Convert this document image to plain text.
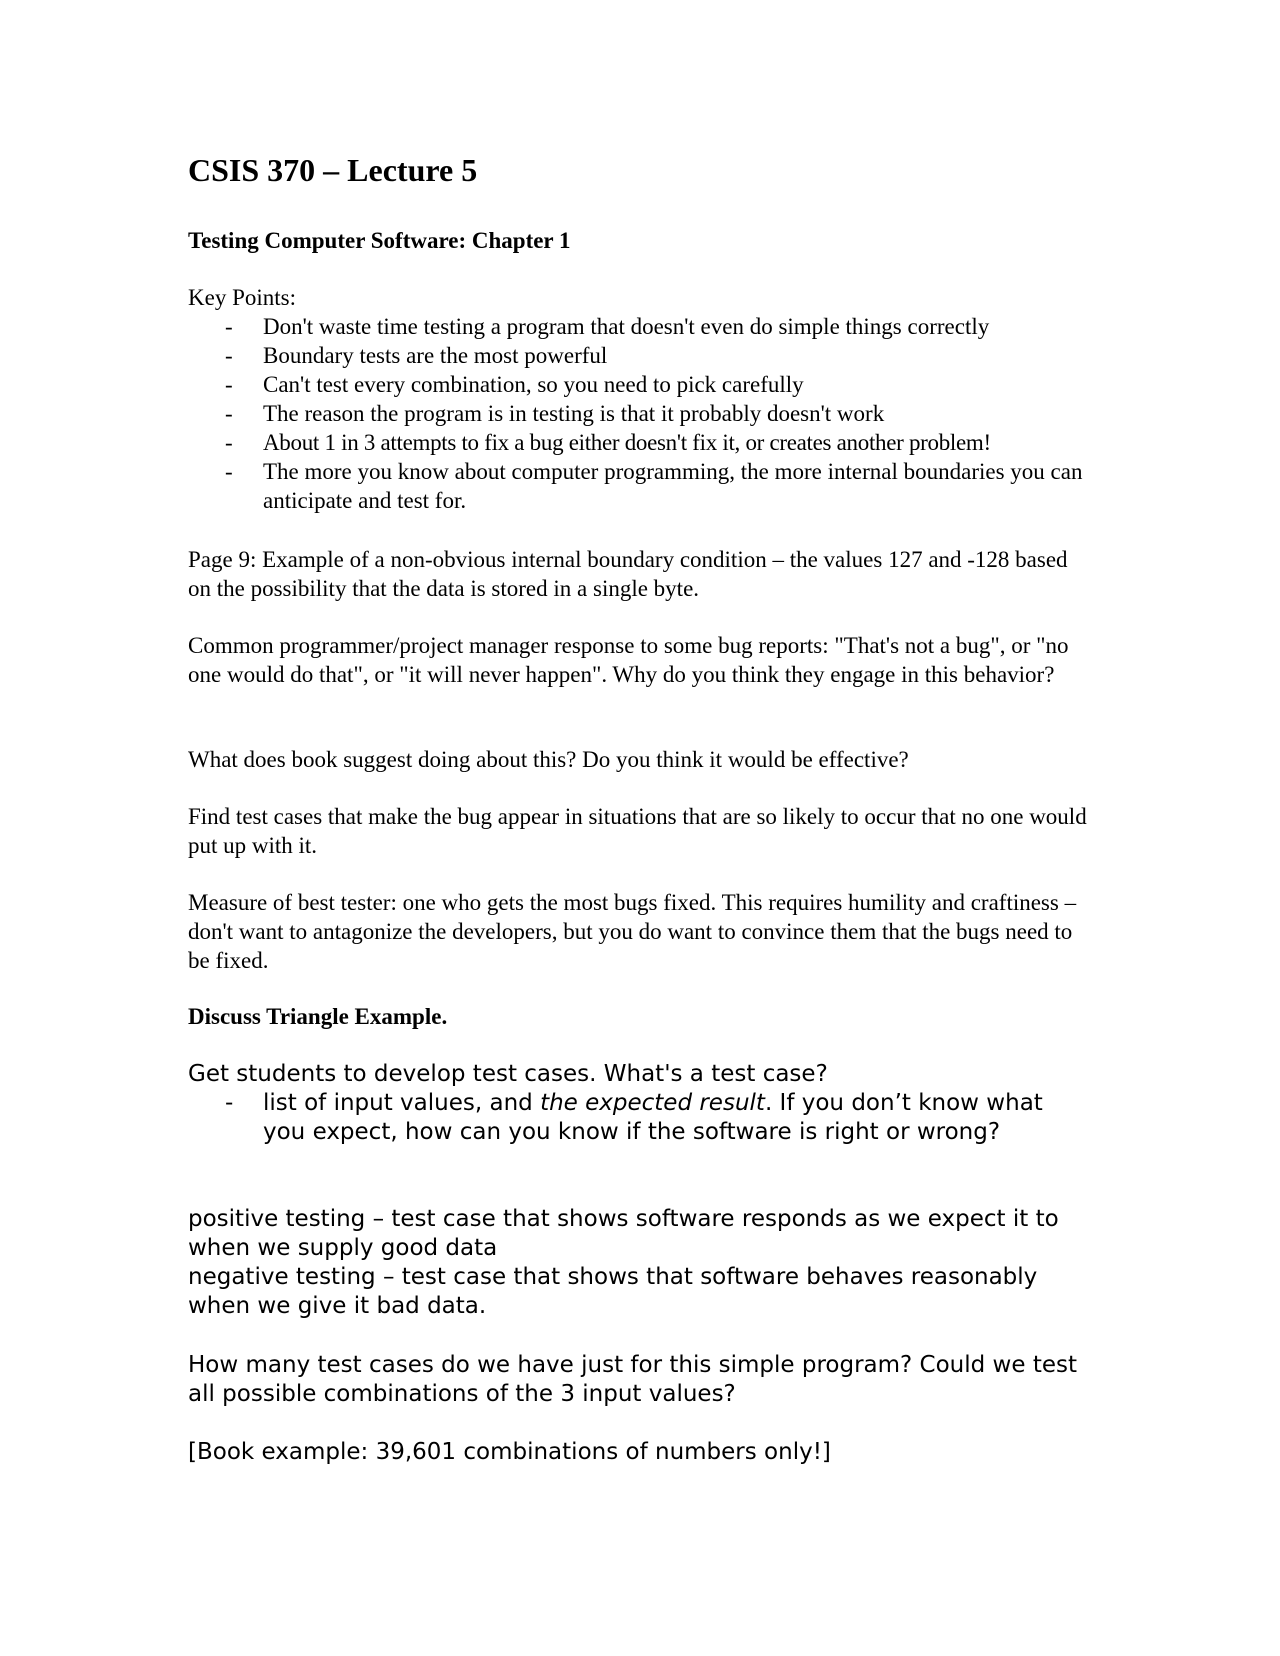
CSIS 370 – Lecture 5

Testing Computer Software: Chapter 1

Key Points:

- Don't waste time testing a program that doesn't even do simple things correctly
- Boundary tests are the most powerful
- Can't test every combination, so you need to pick carefully
- The reason the program is in testing is that it probably doesn't work
- About 1 in 3 attempts to fix a bug either doesn't fix it, or creates another problem!
- The more you know about computer programming, the more internal boundaries you can anticipate and test for.

Page 9: Example of a non-obvious internal boundary condition – the values 127 and -128 based on the possibility that the data is stored in a single byte.

Common programmer/project manager response to some bug reports: "That's not a bug", or "no one would do that", or "it will never happen". Why do you think they engage in this behavior?

What does book suggest doing about this? Do you think it would be effective?

Find test cases that make the bug appear in situations that are so likely to occur that no one would put up with it.

Measure of best tester: one who gets the most bugs fixed. This requires humility and craftiness – don't want to antagonize the developers, but you do want to convince them that the bugs need to be fixed.

Discuss Triangle Example.

Get students to develop test cases. What's a test case?

- list of input values, and the expected result. If you don’t know what you expect, how can you know if the software is right or wrong?

positive testing – test case that shows software responds as we expect it to when we supply good data

negative testing – test case that shows that software behaves reasonably when we give it bad data.

How many test cases do we have just for this simple program? Could we test all possible combinations of the 3 input values?

[Book example: 39,601 combinations of numbers only!]
